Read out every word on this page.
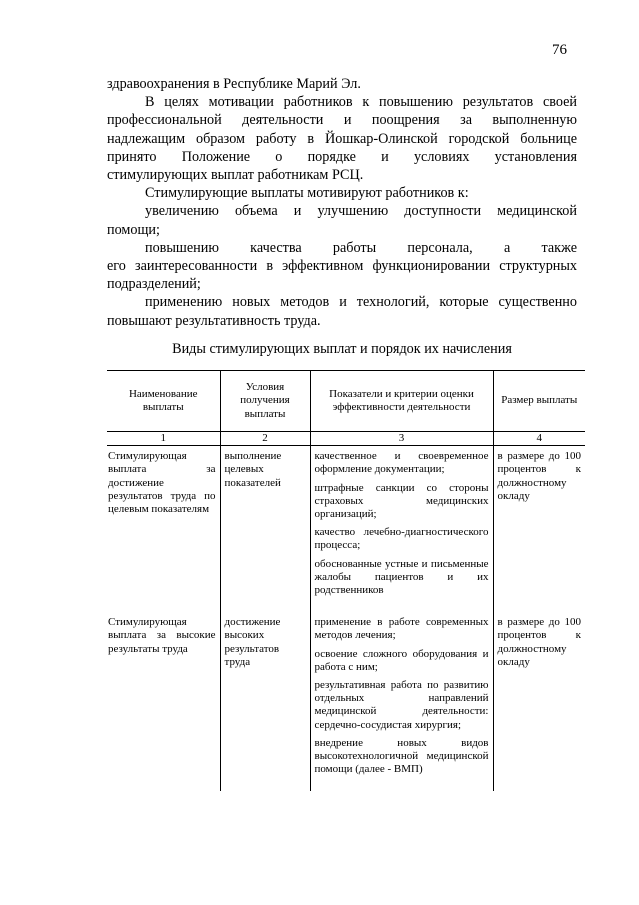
76

здравоохранения в Республике Марий Эл.

В целях мотивации работников к повышению результатов своей

профессиональной деятельности и поощрения за выполненную

надлежащим образом работу в Йошкар-Олинской городской больнице

принято Положение о порядке и условиях установления

стимулирующих выплат работникам РСЦ.

Стимулирующие выплаты мотивируют работников к:

увеличению объема и улучшению доступности медицинской

помощи;

повышению качества работы персонала, а также

его заинтересованности в эффективном функционировании структурных

подразделений;

применению новых методов и технологий, которые существенно

повышают результативность труда.

Виды стимулирующих выплат и порядок их начисления
Наименование выплаты	Условия получения выплаты	Показатели и критерии оценки эффективности деятельности	Размер выплаты
1	2	3	4
Стимулирующая выплата за достижение результатов труда по целевым показателям	выполнение целевых показателей	качественное и своевременное оформление документации;
штрафные санкции со стороны страховых медицинских организаций;
качество лечебно-диагностического процесса;
обоснованные устные и письменные жалобы пациентов и их родственников	в размере до 100 процентов к должностному окладу
Стимулирующая выплата за высокие результаты труда	достижение высоких результатов труда	применение в работе современных методов лечения;
освоение сложного оборудования и работа с ним;
результативная работа по развитию отдельных направлений медицинской деятельности: сердечно-сосудистая хирургия;
внедрение новых видов высокотехнологичной медицинской помощи (далее - ВМП)	в размере до 100 процентов к должностному окладу
